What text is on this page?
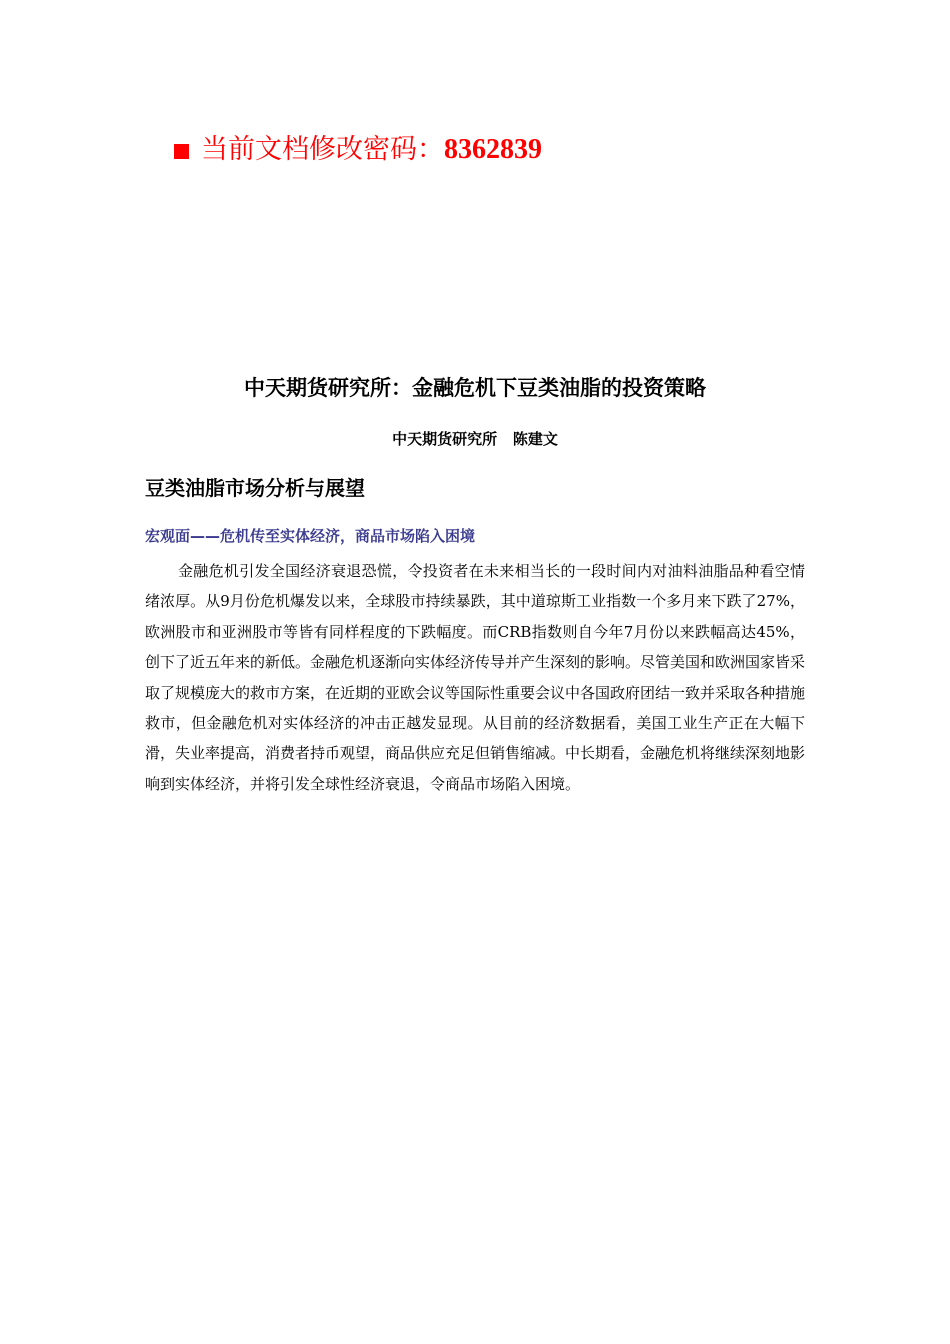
当前文档修改密码： 8362839
中天期货研究所：金融危机下豆类油脂的投资策略
中天期货研究所   陈建文
豆类油脂市场分析与展望
宏观面——危机传至实体经济，商品市场陷入困境

金融危机引发全国经济衰退恐慌，令投资者在未来相当长的一段时间内对油料油脂品种看空情绪浓厚。从9月份危机爆发以来，全球股市持续暴跌，其中道琼斯工业指数一个多月来下跌了27%，欧洲股市和亚洲股市等皆有同样程度的下跌幅度。而CRB指数则自今年7月份以来跌幅高达45%，创下了近五年来的新低。金融危机逐渐向实体经济传导并产生深刻的影响。尽管美国和欧洲国家皆采取了规模庞大的救市方案，在近期的亚欧会议等国际性重要会议中各国政府团结一致并采取各种措施救市，但金融危机对实体经济的冲击正越发显现。从目前的经济数据看，美国工业生产正在大幅下滑，失业率提高，消费者持币观望，商品供应充足但销售缩减。中长期看，金融危机将继续深刻地影响到实体经济，并将引发全球性经济衰退，令商品市场陷入困境。
